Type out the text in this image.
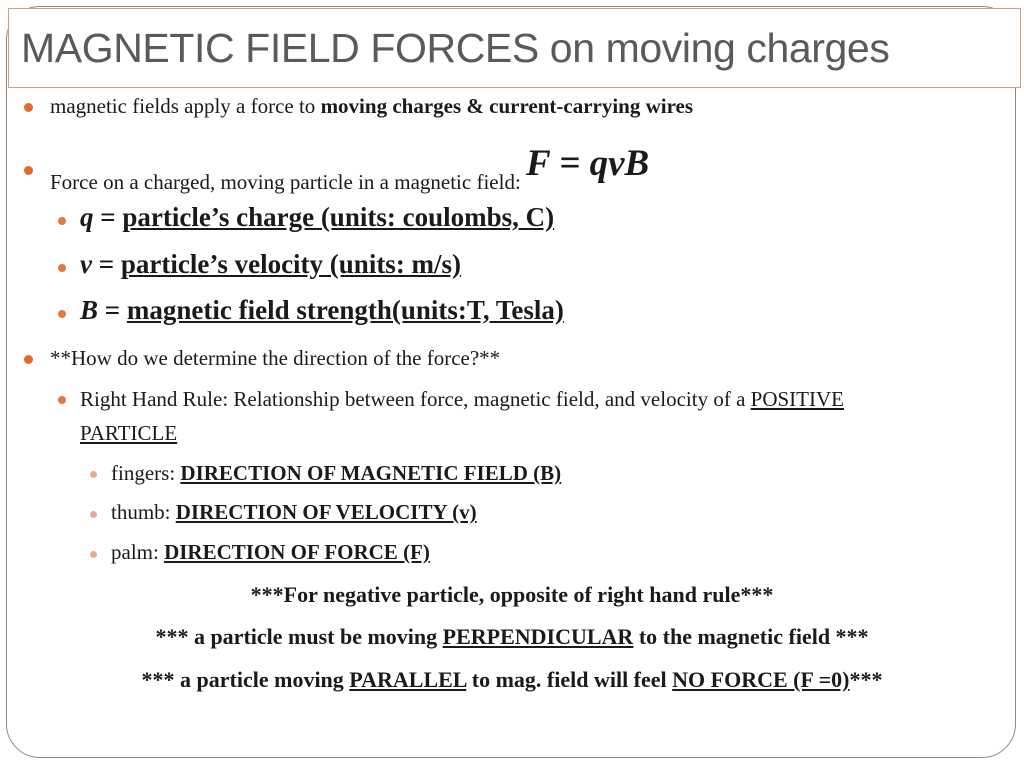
MAGNETIC FIELD FORCES on moving charges
magnetic fields apply a force to moving charges & current-carrying wires
Force on a charged, moving particle in a magnetic field: F = qvB
q = particle’s charge (units: coulombs, C)
v = particle’s velocity (units: m/s)
B = magnetic field strength(units:T, Tesla)
**How do we determine the direction of the force?**
Right Hand Rule: Relationship between force, magnetic field, and velocity of a POSITIVE
PARTICLE
fingers: DIRECTION OF MAGNETIC FIELD (B)
thumb: DIRECTION OF VELOCITY (v)
palm: DIRECTION OF FORCE (F)
***For negative particle, opposite of right hand rule***
*** a particle must be moving PERPENDICULAR to the magnetic field ***
*** a particle moving PARALLEL to mag. field will feel NO FORCE (F =0)***
